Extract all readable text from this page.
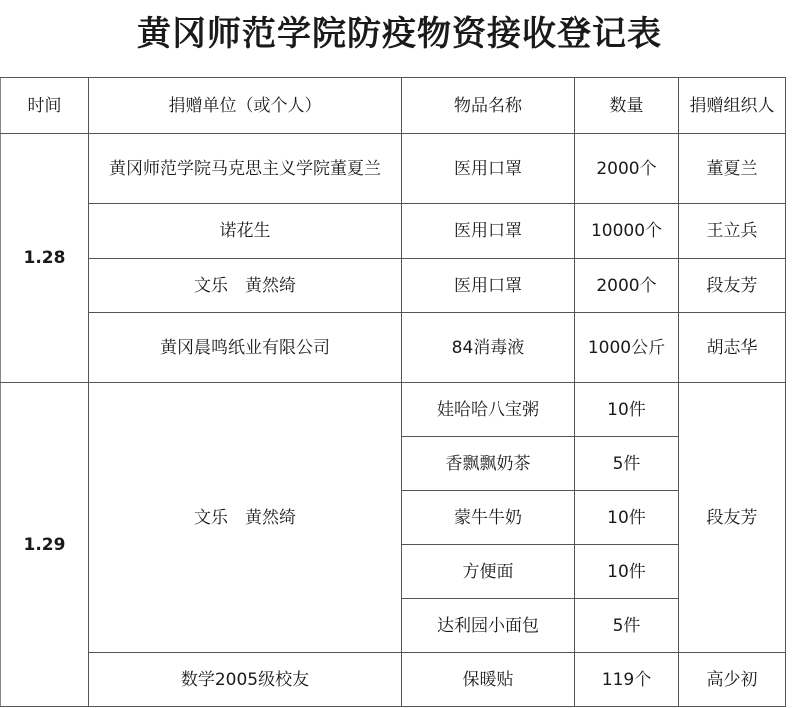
黄冈师范学院防疫物资接收登记表
时间	捐赠单位（或个人）	物品名称	数量	捐赠组织人
1.28	黄冈师范学院马克思主义学院董夏兰	医用口罩	2000个	董夏兰
	诺花生	医用口罩	10000个	王立兵
	文乐　黄然绮	医用口罩	2000个	段友芳
	黄冈晨鸣纸业有限公司	84消毒液	1000公斤	胡志华
1.29	文乐　黄然绮	娃哈哈八宝粥	10件	段友芳
		香飘飘奶茶	5件	
		蒙牛牛奶	10件	
		方便面	10件	
		达利园小面包	5件	
	数学2005级校友	保暖贴	119个	高少初
